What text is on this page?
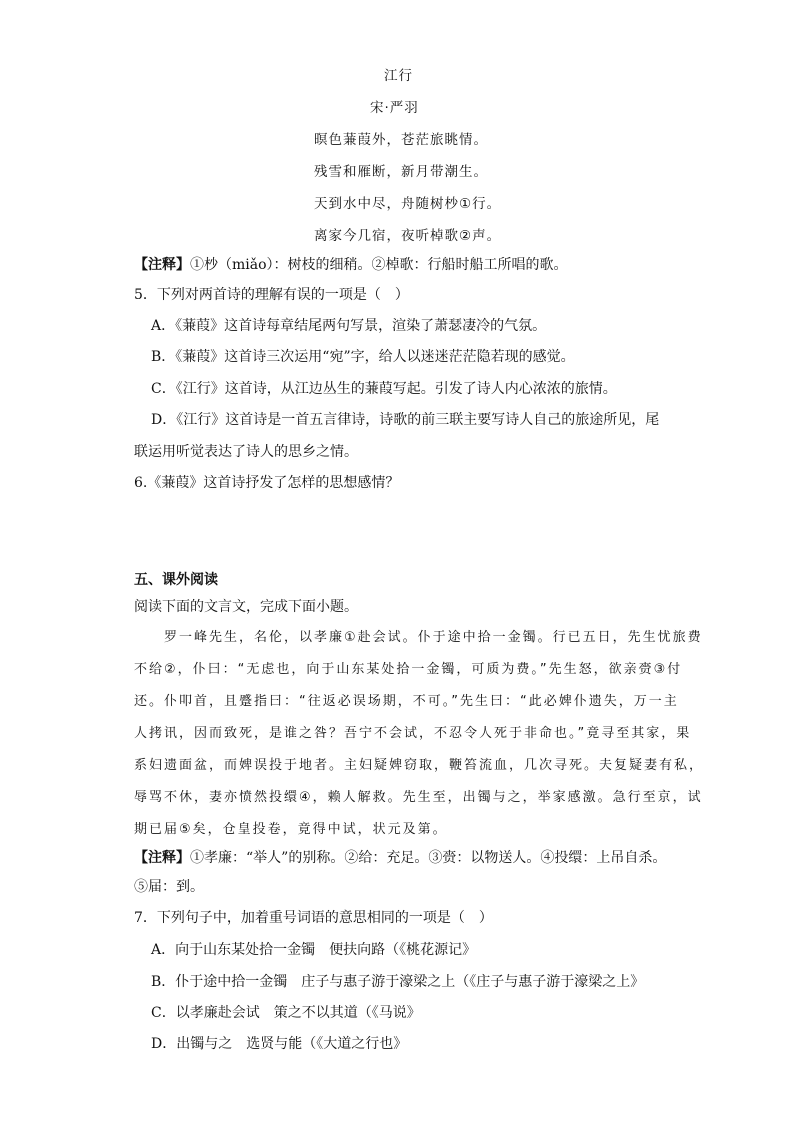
江行
宋·严羽
暝色蒹葭外，苍茫旅眺情。
残雪和雁断，新月带潮生。
天到水中尽，舟随树杪①行。
离家今几宿，夜听棹歌②声。
【注释】①杪（miǎo）：树枝的细稍。②棹歌：行船时船工所唱的歌。
5．下列对两首诗的理解有误的一项是（　）
A．《蒹葭》这首诗每章结尾两句写景，渲染了萧瑟凄冷的气氛。
B．《蒹葭》这首诗三次运用“宛”字，给人以迷迷茫茫隐若现的感觉。
C．《江行》这首诗，从江边丛生的蒹葭写起。引发了诗人内心浓浓的旅情。
D．《江行》这首诗是一首五言律诗，诗歌的前三联主要写诗人自己的旅途所见，尾
联运用听觉表达了诗人的思乡之情。
6.《蒹葭》这首诗抒发了怎样的思想感情？
五、课外阅读
阅读下面的文言文，完成下面小题。
罗一峰先生，名伦，以孝廉①赴会试。仆于途中拾一金镯。行已五日，先生忧旅费
不给②，仆曰：“无虑也，向于山东某处拾一金镯，可质为费。”先生怒，欲亲赍③付
还。仆叩首，且蹙指曰：“往返必误场期，不可。”先生曰：“此必婢仆遗失，万一主
人拷讯，因而致死，是谁之咎？吾宁不会试，不忍令人死于非命也。”竟寻至其家，果
系妇遗面盆，而婢误投于地者。主妇疑婢窃取，鞭笞流血，几次寻死。夫复疑妻有私，
辱骂不休，妻亦愤然投缳④，赖人解救。先生至，出镯与之，举家感激。急行至京，试
期已届⑤矣，仓皇投卷，竟得中试，状元及第。
【注释】①孝廉：“举人”的别称。②给：充足。③赍：以物送人。④投缳：上吊自杀。
⑤届：到。
7．下列句子中，加着重号词语的意思相同的一项是（　）
A．向于山东某处拾一金镯　便扶向路（《桃花源记》
B．仆于途中拾一金镯　庄子与惠子游于濠梁之上（《庄子与惠子游于濠梁之上》
C．以孝廉赴会试　策之不以其道（《马说》
D．出镯与之　选贤与能（《大道之行也》
